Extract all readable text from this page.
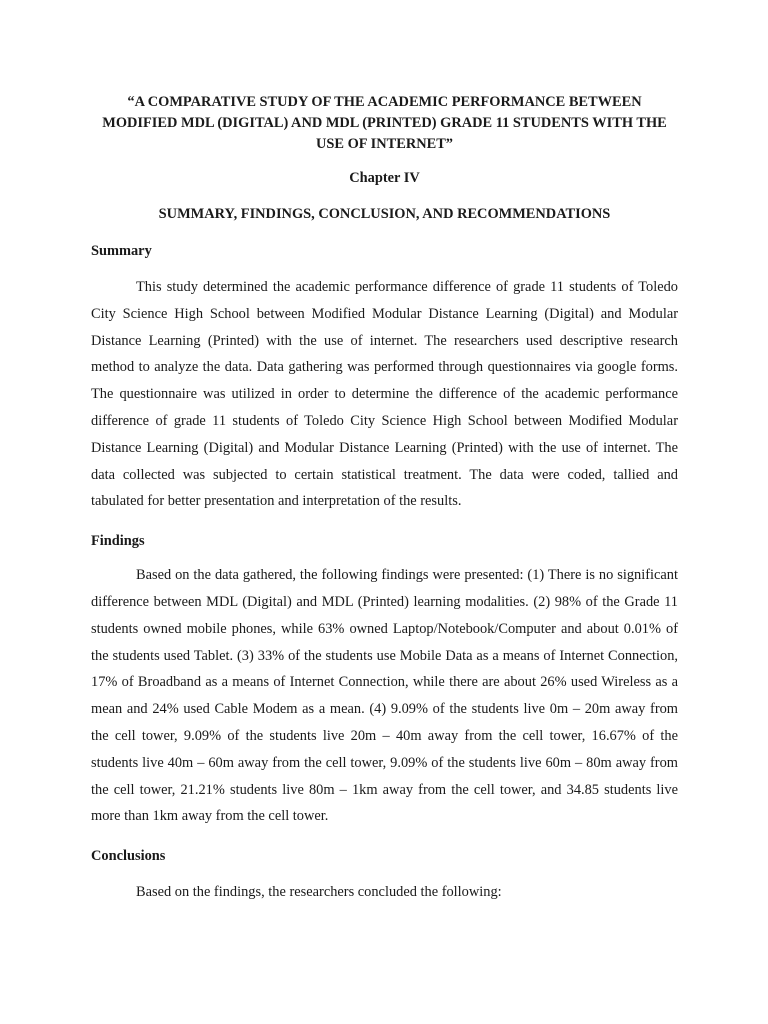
“A COMPARATIVE STUDY OF THE ACADEMIC PERFORMANCE BETWEEN MODIFIED MDL (DIGITAL) AND MDL (PRINTED) GRADE 11 STUDENTS WITH THE USE OF INTERNET”

Chapter IV

SUMMARY, FINDINGS, CONCLUSION, AND RECOMMENDATIONS

Summary

This study determined the academic performance difference of grade 11 students of Toledo City Science High School between Modified Modular Distance Learning (Digital) and Modular Distance Learning (Printed) with the use of internet. The researchers used descriptive research method to analyze the data. Data gathering was performed through questionnaires via google forms. The questionnaire was utilized in order to determine the difference of the academic performance difference of grade 11 students of Toledo City Science High School between Modified Modular Distance Learning (Digital) and Modular Distance Learning (Printed) with the use of internet. The data collected was subjected to certain statistical treatment. The data were coded, tallied and tabulated for better presentation and interpretation of the results.

Findings

Based on the data gathered, the following findings were presented: (1) There is no significant difference between MDL (Digital) and MDL (Printed) learning modalities. (2) 98% of the Grade 11 students owned mobile phones, while 63% owned Laptop/Notebook/Computer and about 0.01% of the students used Tablet. (3) 33% of the students use Mobile Data as a means of Internet Connection, 17% of Broadband as a means of Internet Connection, while there are about 26% used Wireless as a mean and 24% used Cable Modem as a mean. (4) 9.09% of the students live 0m – 20m away from the cell tower, 9.09% of the students live 20m – 40m away from the cell tower, 16.67% of the students live 40m – 60m away from the cell tower, 9.09% of the students live 60m – 80m away from the cell tower, 21.21% students live 80m – 1km away from the cell tower, and 34.85 students live more than 1km away from the cell tower.

Conclusions

Based on the findings, the researchers concluded the following:
